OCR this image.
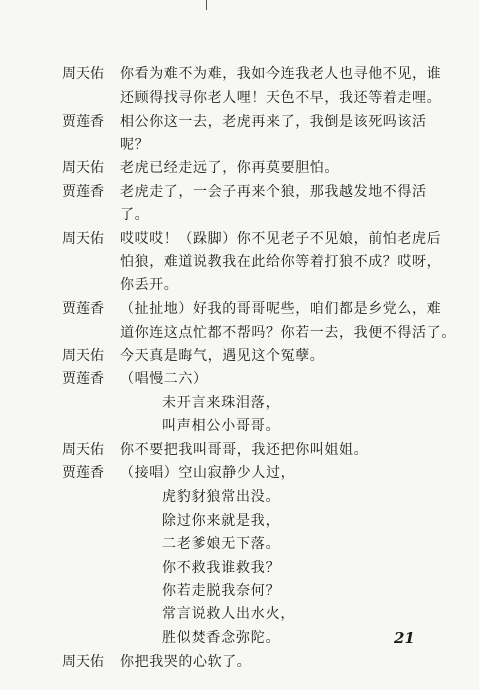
周天佑 你看为难不为难，我如今连我老人也寻他不见，谁
还顾得找寻你老人哩！天色不早，我还等着走哩。
贾莲香 相公你这一去，老虎再来了，我倒是该死吗该活
呢？
周天佑 老虎已经走远了，你再莫要胆怕。
贾莲香 老虎走了，一会子再来个狼，那我越发地不得活
了。
周天佑 哎哎哎！（跺脚）你不见老子不见娘，前怕老虎后
怕狼，难道说教我在此给你等着打狼不成？哎呀，
你丢开。
贾莲香 （扯扯地）好我的哥哥呢些，咱们都是乡党么，难
道你连这点忙都不帮吗？你若一去，我便不得活了。
周天佑 今天真是晦气，遇见这个冤孽。
贾莲香 （唱慢二六）
未开言来珠泪落，
叫声相公小哥哥。
周天佑 你不要把我叫哥哥，我还把你叫姐姐。
贾莲香 （接唱）空山寂静少人过，
虎豹豺狼常出没。
除过你来就是我，
二老爹娘无下落。
你不救我谁救我？
你若走脱我奈何？
常言说救人出水火，
胜似焚香念弥陀。
周天佑 你把我哭的心软了。
21
